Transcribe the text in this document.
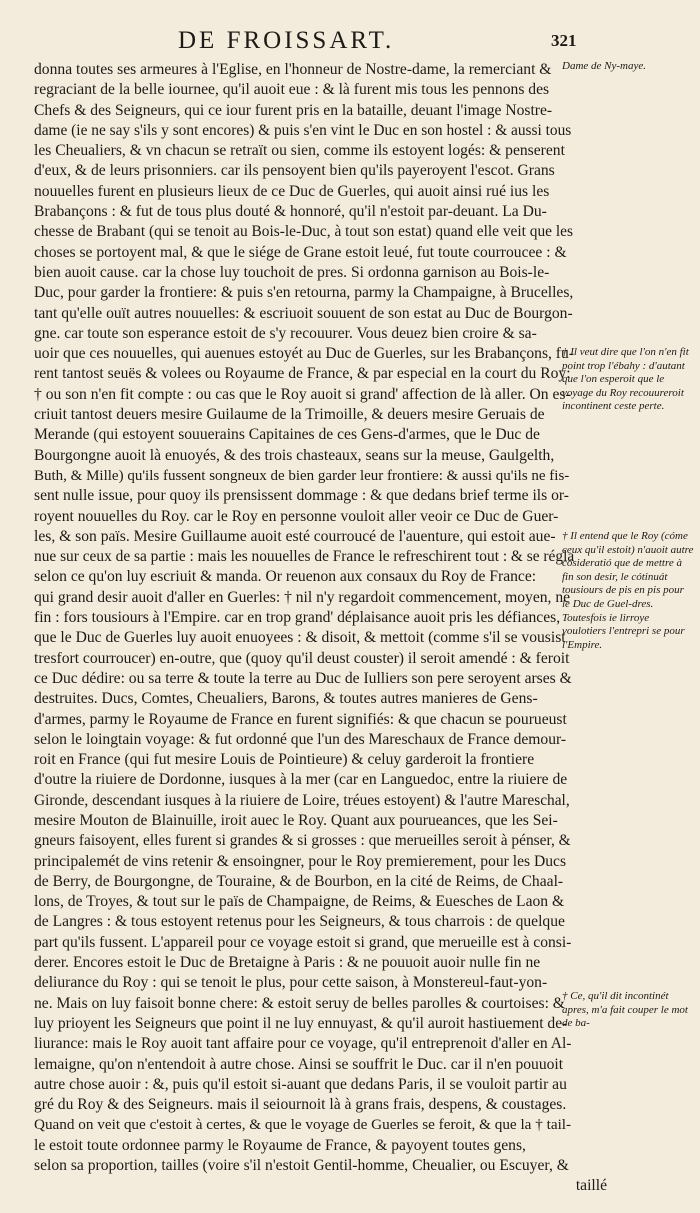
DE FROISSART.	321
donna toutes ses armeures à l'Eglise, en l'honneur de Nostre-dame, la remerciant &
regraciant de la belle iournee, qu'il auoit eue : & là furent mis tous les pennons des
Chefs & des Seigneurs, qui ce iour furent pris en la bataille, deuant l'image Nostre-
dame (ie ne say s'ils y sont encores) & puis s'en vint le Duc en son hostel : & aussi tous
les Cheualiers, & vn chacun se retraït ou sien, comme ils estoyent logés: & penserent
d'eux, & de leurs prisonniers. car ils pensoyent bien qu'ils payeroyent l'escot. Grans
nouuelles furent en plusieurs lieux de ce Duc de Guerles, qui auoit ainsi rué ius les
Brabançons : & fut de tous plus douté & honnoré, qu'il n'estoit par-deuant. La Du-
chesse de Brabant (qui se tenoit au Bois-le-Duc, à tout son estat) quand elle veit que les
choses se portoyent mal, & que le siége de Grane estoit leué, fut toute courroucee : &
bien auoit cause. car la chose luy touchoit de pres. Si ordonna garnison au Bois-le-
Duc, pour garder la frontiere: & puis s'en retourna, parmy la Champaigne, à Brucelles,
tant qu'elle ouït autres nouuelles: & escriuoit souuent de son estat au Duc de Bourgon-
gne. car toute son esperance estoit de s'y recouurer. Vous deuez bien croire & sa-
uoir que ces nouuelles, qui auenues estoyét au Duc de Guerles, sur les Brabançons, fu-
rent tantost seuës & volees ou Royaume de France, & par especial en la court du Roy:
† ou son n'en fit compte : ou cas que le Roy auoit si grand' affection de là aller. On es-
criuit tantost deuers mesire Guilaume de la Trimoille, & deuers mesire Geruais de
Merande (qui estoyent souuerains Capitaines de ces Gens-d'armes, que le Duc de
Bourgongne auoit là enuoyés, & des trois chasteaux, seans sur la meuse, Gaulgelth,
Buth, & Mille) qu'ils fussent songneux de bien garder leur frontiere: & aussi qu'ils ne fis-
sent nulle issue, pour quoy ils prensissent dommage : & que dedans brief terme ils or-
royent nouuelles du Roy. car le Roy en personne vouloit aller veoir ce Duc de Guer-
les, & son païs. Mesire Guillaume auoit esté courroucé de l'auenture, qui estoit aue-
nue sur ceux de sa partie : mais les nouuelles de France le refreschirent tout : & se régla
selon ce qu'on luy escriuit & manda. Or reuenon aux consaux du Roy de France:
qui grand desir auoit d'aller en Guerles: † nil n'y regardoit commencement, moyen, ne
fin : fors tousiours à l'Empire. car en trop grand' déplaisance auoit pris les défiances,
que le Duc de Guerles luy auoit enuoyees : & disoit, & mettoit (comme s'il se vousist
tresfort courroucer) en-outre, que (quoy qu'il deust couster) il seroit amendé : & feroit
ce Duc dédire: ou sa terre & toute la terre au Duc de Iulliers son pere seroyent arses &
destruites. Ducs, Comtes, Cheualiers, Barons, & toutes autres manieres de Gens-
d'armes, parmy le Royaume de France en furent signifiés: & que chacun se pourueust
selon le loingtain voyage: & fut ordonné que l'un des Mareschaux de France demour-
roit en France (qui fut mesire Louis de Pointieure) & celuy garderoit la frontiere
d'outre la riuiere de Dordonne, iusques à la mer (car en Languedoc, entre la riuiere de
Gironde, descendant iusques à la riuiere de Loire, tréues estoyent) & l'autre Mareschal,
mesire Mouton de Blainuille, iroit auec le Roy. Quant aux pourueances, que les Sei-
gneurs faisoyent, elles furent si grandes & si grosses : que merueilles seroit à pénser, &
principalemét de vins retenir & ensoingner, pour le Roy premierement, pour les Ducs
de Berry, de Bourgongne, de Touraine, & de Bourbon, en la cité de Reims, de Chaal-
lons, de Troyes, & tout sur le païs de Champaigne, de Reims, & Euesches de Laon &
de Langres : & tous estoyent retenus pour les Seigneurs, & tous charrois : de quelque
part qu'ils fussent. L'appareil pour ce voyage estoit si grand, que merueille est à consi-
derer. Encores estoit le Duc de Bretaigne à Paris : & ne pouuoit auoir nulle fin ne
deliurance du Roy : qui se tenoit le plus, pour cette saison, à Monstereul-faut-yon-
ne. Mais on luy faisoit bonne chere: & estoit seruy de belles parolles & courtoises: &
luy prioyent les Seigneurs que point il ne luy ennuyast, & qu'il auroit hastiuement de-
liurance: mais le Roy auoit tant affaire pour ce voyage, qu'il entreprenoit d'aller en Al-
lemaigne, qu'on n'entendoit à autre chose. Ainsi se souffrit le Duc. car il n'en pouuoit
autre chose auoir : &, puis qu'il estoit si-auant que dedans Paris, il se vouloit partir au
gré du Roy & des Seigneurs. mais il seiournoit là à grans frais, despens, & coustages.
Quand on veit que c'estoit à certes, & que le voyage de Guerles se feroit, & que la † tail-
le estoit toute ordonnee parmy le Royaume de France, & payoyent toutes gens,
selon sa proportion, tailles (voire s'il n'estoit Gentil-homme, Cheualier, ou Escuyer, &
taillé
Dame de Ny-maye.
† Il veut dire que l'on n'en fit point trop l'ébahy : d'autant que l'on esperoit que le voyage du Roy recouureroit incontinent ceste perte.
† Il entend que le Roy (cóme ceux qu'il estoit) n'auoit autre cósideratió que de mettre à fin son desir, le cótinuát tousiours de pis en pis pour le Duc de Guel-dres. Toutesfois ie lirroye voulotiers l'entrepri se pour l'Empire.
† Ce, qu'il dit incontinét apres, m'a fait couper le mot de ba-
